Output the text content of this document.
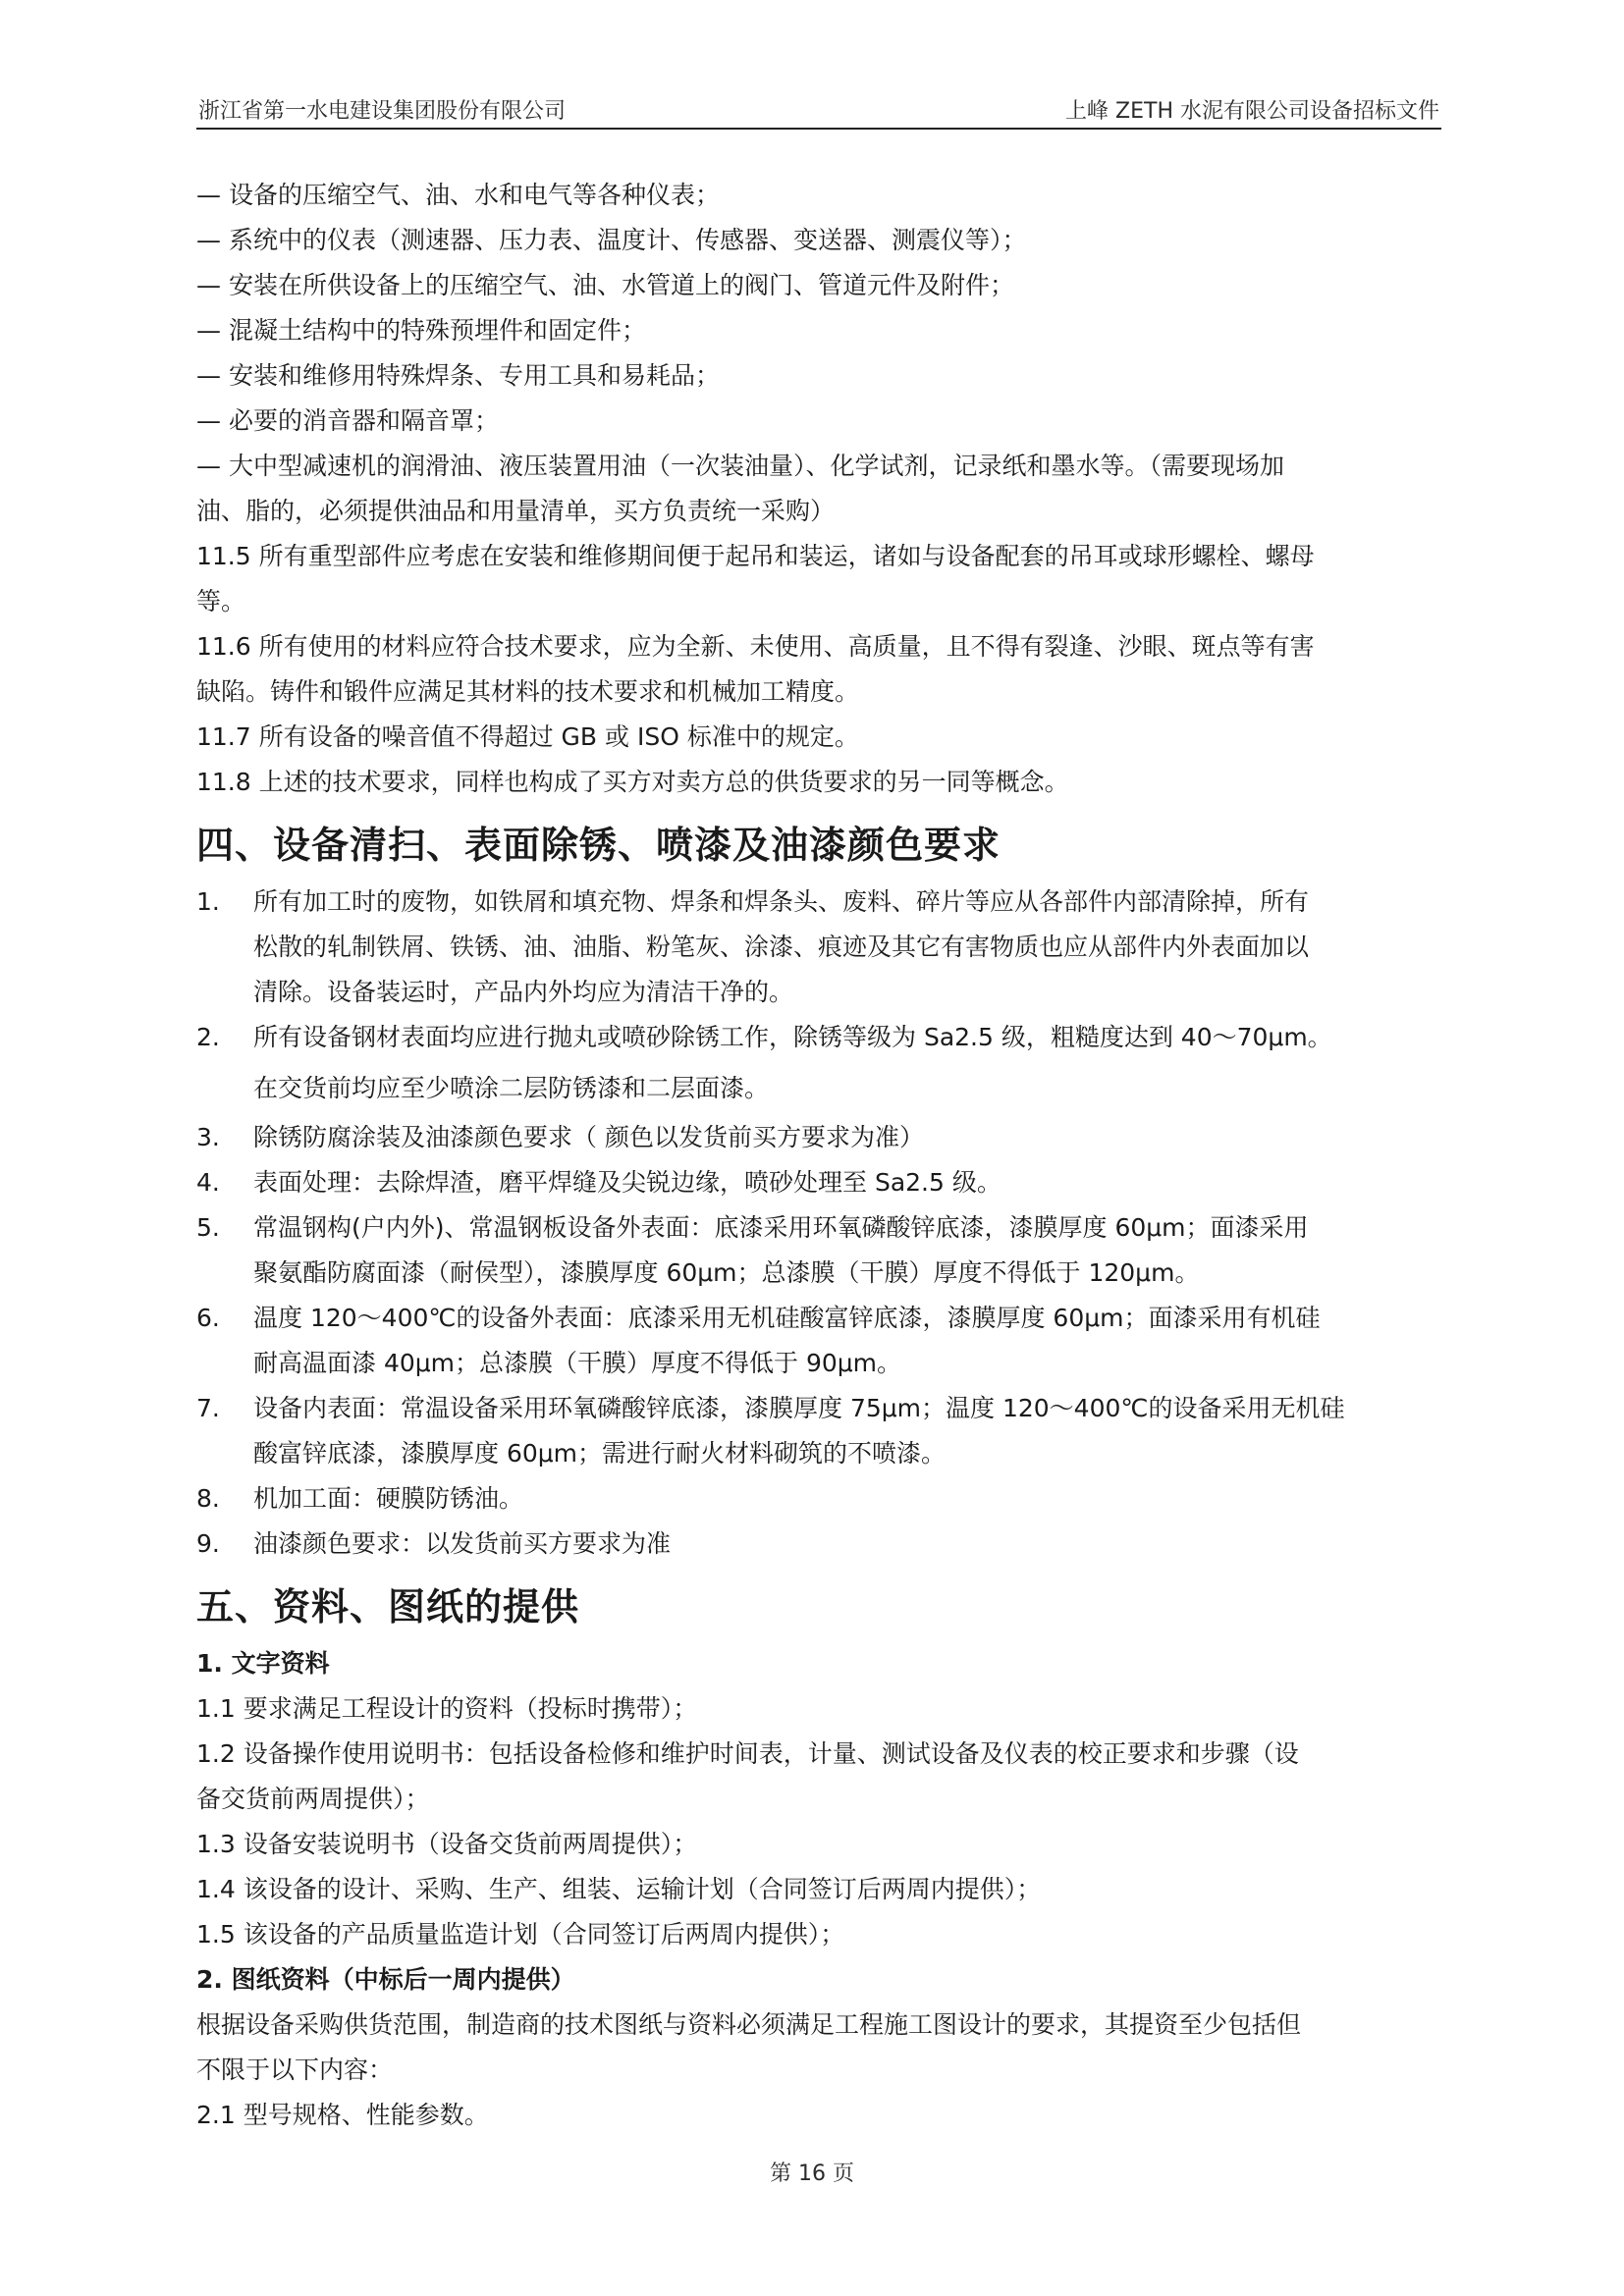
浙江省第一水电建设集团股份有限公司	上峰 ZETH 水泥有限公司设备招标文件
— 设备的压缩空气、油、水和电气等各种仪表；
— 系统中的仪表（测速器、压力表、温度计、传感器、变送器、测震仪等）；
— 安装在所供设备上的压缩空气、油、水管道上的阀门、管道元件及附件；
— 混凝土结构中的特殊预埋件和固定件；
— 安装和维修用特殊焊条、专用工具和易耗品；
— 必要的消音器和隔音罩；
— 大中型减速机的润滑油、液压装置用油（一次装油量）、化学试剂，记录纸和墨水等。（需要现场加
油、脂的，必须提供油品和用量清单，买方负责统一采购）
11.5 所有重型部件应考虑在安装和维修期间便于起吊和装运，诸如与设备配套的吊耳或球形螺栓、螺母
等。
11.6 所有使用的材料应符合技术要求，应为全新、未使用、高质量，且不得有裂逢、沙眼、斑点等有害
缺陷。铸件和锻件应满足其材料的技术要求和机械加工精度。
11.7 所有设备的噪音值不得超过 GB 或 ISO 标准中的规定。
11.8 上述的技术要求，同样也构成了买方对卖方总的供货要求的另一同等概念。
四、设备清扫、表面除锈、喷漆及油漆颜色要求
1. 所有加工时的废物，如铁屑和填充物、焊条和焊条头、废料、碎片等应从各部件内部清除掉，所有
松散的轧制铁屑、铁锈、油、油脂、粉笔灰、涂漆、痕迹及其它有害物质也应从部件内外表面加以
清除。设备装运时，产品内外均应为清洁干净的。
2. 所有设备钢材表面均应进行抛丸或喷砂除锈工作，除锈等级为 Sa2.5 级，粗糙度达到 40～70μm。
在交货前均应至少喷涂二层防锈漆和二层面漆。
3. 除锈防腐涂装及油漆颜色要求（ 颜色以发货前买方要求为准）
4. 表面处理：去除焊渣，磨平焊缝及尖锐边缘，喷砂处理至 Sa2.5 级。
5. 常温钢构(户内外)、常温钢板设备外表面：底漆采用环氧磷酸锌底漆，漆膜厚度 60μm；面漆采用
聚氨酯防腐面漆（耐侯型），漆膜厚度 60μm；总漆膜（干膜）厚度不得低于 120μm。
6. 温度 120～400℃的设备外表面：底漆采用无机硅酸富锌底漆，漆膜厚度 60μm；面漆采用有机硅
耐高温面漆 40μm；总漆膜（干膜）厚度不得低于 90μm。
7. 设备内表面：常温设备采用环氧磷酸锌底漆，漆膜厚度 75μm；温度 120～400℃的设备采用无机硅
酸富锌底漆，漆膜厚度 60μm；需进行耐火材料砌筑的不喷漆。
8. 机加工面：硬膜防锈油。
9. 油漆颜色要求：以发货前买方要求为准
五、资料、图纸的提供
1. 文字资料
1.1 要求满足工程设计的资料（投标时携带）；
1.2 设备操作使用说明书：包括设备检修和维护时间表，计量、测试设备及仪表的校正要求和步骤（设
备交货前两周提供）；
1.3 设备安装说明书（设备交货前两周提供）；
1.4 该设备的设计、采购、生产、组装、运输计划（合同签订后两周内提供）；
1.5 该设备的产品质量监造计划（合同签订后两周内提供）；
2. 图纸资料（中标后一周内提供）
根据设备采购供货范围，制造商的技术图纸与资料必须满足工程施工图设计的要求，其提资至少包括但
不限于以下内容：
2.1 型号规格、性能参数。
第 16 页
